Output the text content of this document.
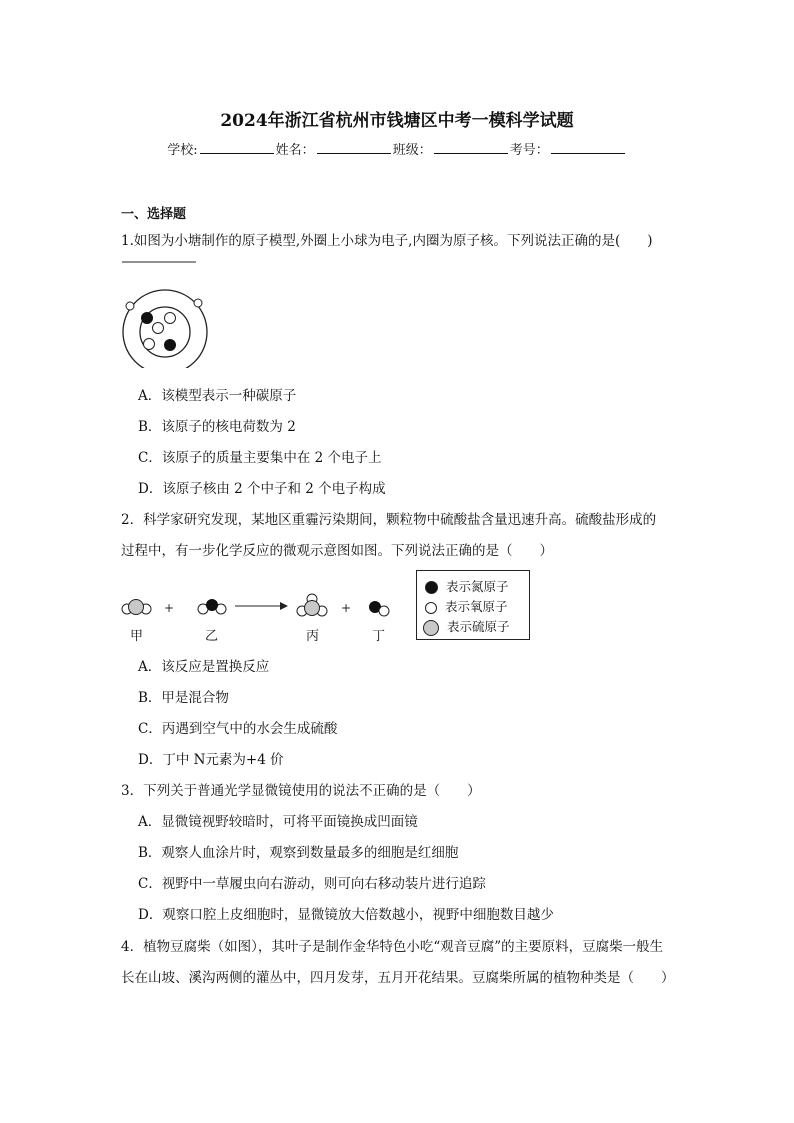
2024年浙江省杭州市钱塘区中考一模科学试题
学校:	姓名：	班级：	考号：
一、选择题
1.如图为小塘制作的原子模型,外圈上小球为电子,内圈为原子核。下列说法正确的是(　　)
A．该模型表示一种碳原子
B．该原子的核电荷数为 2
C．该原子的质量主要集中在 2 个电子上
D．该原子核由 2 个中子和 2 个电子构成
2．科学家研究发现，某地区重霾污染期间，颗粒物中硫酸盐含量迅速升高。硫酸盐形成的
过程中，有一步化学反应的微观示意图如图。下列说法正确的是（　　）
+	+
甲	乙	丙	丁
表示氮原子
表示氧原子
表示硫原子
A．该反应是置换反应
B．甲是混合物
C．丙遇到空气中的水会生成硫酸
D．丁中 N元素为+4 价
3．下列关于普通光学显微镜使用的说法不正确的是（　　）
A．显微镜视野较暗时，可将平面镜换成凹面镜
B．观察人血涂片时，观察到数量最多的细胞是红细胞
C．视野中一草履虫向右游动，则可向右移动装片进行追踪
D．观察口腔上皮细胞时，显微镜放大倍数越小，视野中细胞数目越少
4．植物豆腐柴（如图），其叶子是制作金华特色小吃“观音豆腐”的主要原料，豆腐柴一般生
长在山坡、溪沟两侧的灌丛中，四月发芽，五月开花结果。豆腐柴所属的植物种类是（　　）
